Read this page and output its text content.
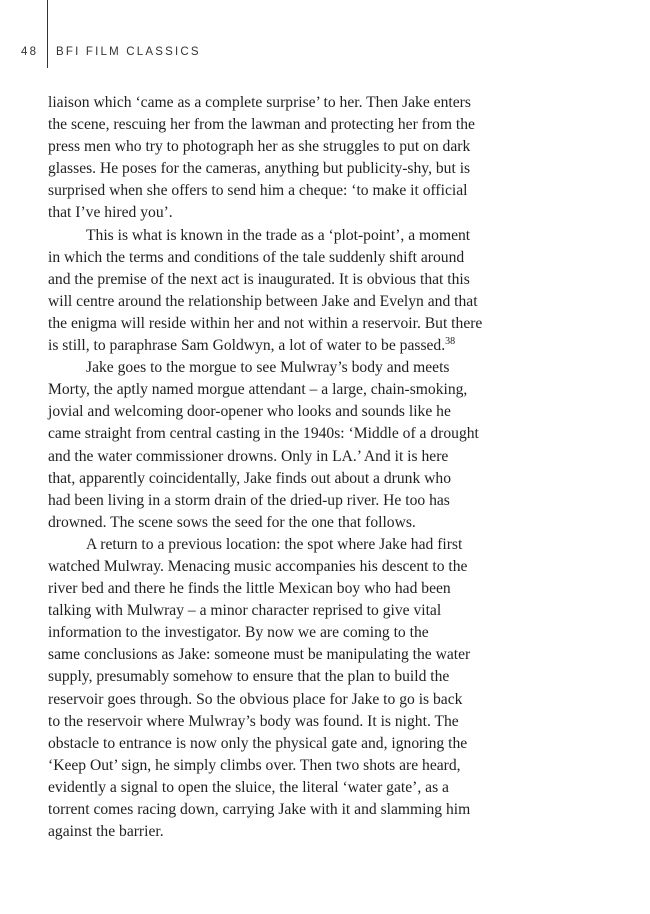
48 BFI FILM CLASSICS
liaison which ‘came as a complete surprise’ to her. Then Jake enters
the scene, rescuing her from the lawman and protecting her from the
press men who try to photograph her as she struggles to put on dark
glasses. He poses for the cameras, anything but publicity-shy, but is
surprised when she offers to send him a cheque: ‘to make it official
that I’ve hired you’.
This is what is known in the trade as a ‘plot-point’, a moment
in which the terms and conditions of the tale suddenly shift around
and the premise of the next act is inaugurated. It is obvious that this
will centre around the relationship between Jake and Evelyn and that
the enigma will reside within her and not within a reservoir. But there
is still, to paraphrase Sam Goldwyn, a lot of water to be passed.$^{38}$
Jake goes to the morgue to see Mulwray’s body and meets
Morty, the aptly named morgue attendant – a large, chain-smoking,
jovial and welcoming door-opener who looks and sounds like he
came straight from central casting in the 1940s: ‘Middle of a drought
and the water commissioner drowns. Only in LA.’ And it is here
that, apparently coincidentally, Jake finds out about a drunk who
had been living in a storm drain of the dried-up river. He too has
drowned. The scene sows the seed for the one that follows.
A return to a previous location: the spot where Jake had first
watched Mulwray. Menacing music accompanies his descent to the
river bed and there he finds the little Mexican boy who had been
talking with Mulwray – a minor character reprised to give vital
information to the investigator. By now we are coming to the
same conclusions as Jake: someone must be manipulating the water
supply, presumably somehow to ensure that the plan to build the
reservoir goes through. So the obvious place for Jake to go is back
to the reservoir where Mulwray’s body was found. It is night. The
obstacle to entrance is now only the physical gate and, ignoring the
‘Keep Out’ sign, he simply climbs over. Then two shots are heard,
evidently a signal to open the sluice, the literal ‘water gate’, as a
torrent comes racing down, carrying Jake with it and slamming him
against the barrier.
